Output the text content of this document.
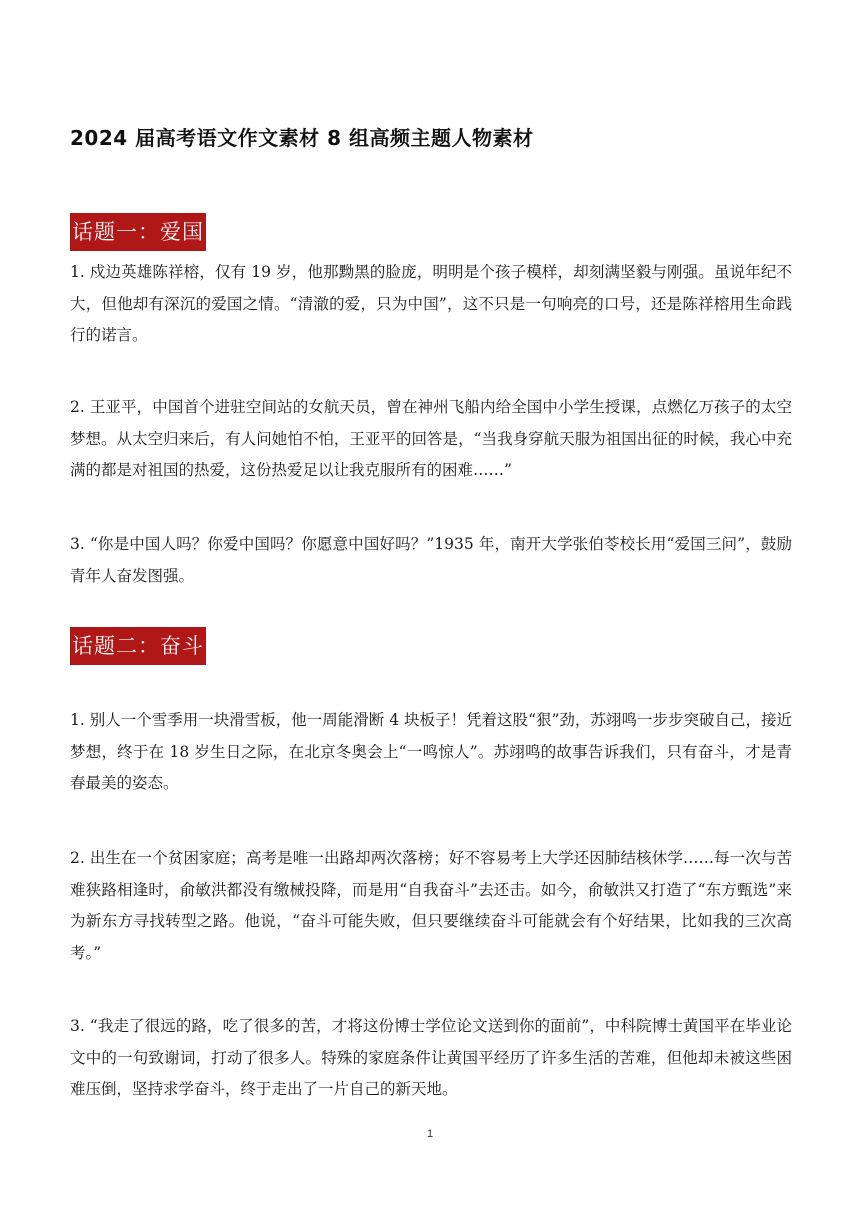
2024 届高考语文作文素材 8 组高频主题人物素材
话题一：爱国

1. 戍边英雄陈祥榕，仅有 19 岁，他那黝黑的脸庞，明明是个孩子模样，却刻满坚毅与刚强。虽说年纪不大，但他却有深沉的爱国之情。“清澈的爱，只为中国”，这不只是一句响亮的口号，还是陈祥榕用生命践行的诺言。

2. 王亚平，中国首个进驻空间站的女航天员，曾在神州飞船内给全国中小学生授课，点燃亿万孩子的太空梦想。从太空归来后，有人问她怕不怕，王亚平的回答是，“当我身穿航天服为祖国出征的时候，我心中充满的都是对祖国的热爱，这份热爱足以让我克服所有的困难……”

3. “你是中国人吗？你爱中国吗？你愿意中国好吗？”1935 年，南开大学张伯苓校长用“爱国三问”，鼓励青年人奋发图强。

话题二：奋斗

1. 别人一个雪季用一块滑雪板，他一周能滑断 4 块板子！凭着这股“狠”劲，苏翊鸣一步步突破自己，接近梦想，终于在 18 岁生日之际，在北京冬奥会上“一鸣惊人”。苏翊鸣的故事告诉我们，只有奋斗，才是青春最美的姿态。

2. 出生在一个贫困家庭；高考是唯一出路却两次落榜；好不容易考上大学还因肺结核休学……每一次与苦难狭路相逢时，俞敏洪都没有缴械投降，而是用“自我奋斗”去还击。如今，俞敏洪又打造了“东方甄选”来为新东方寻找转型之路。他说，“奋斗可能失败，但只要继续奋斗可能就会有个好结果，比如我的三次高考。”

3. “我走了很远的路，吃了很多的苦，才将这份博士学位论文送到你的面前”，中科院博士黄国平在毕业论文中的一句致谢词，打动了很多人。特殊的家庭条件让黄国平经历了许多生活的苦难，但他却未被这些困难压倒，坚持求学奋斗，终于走出了一片自己的新天地。

1
